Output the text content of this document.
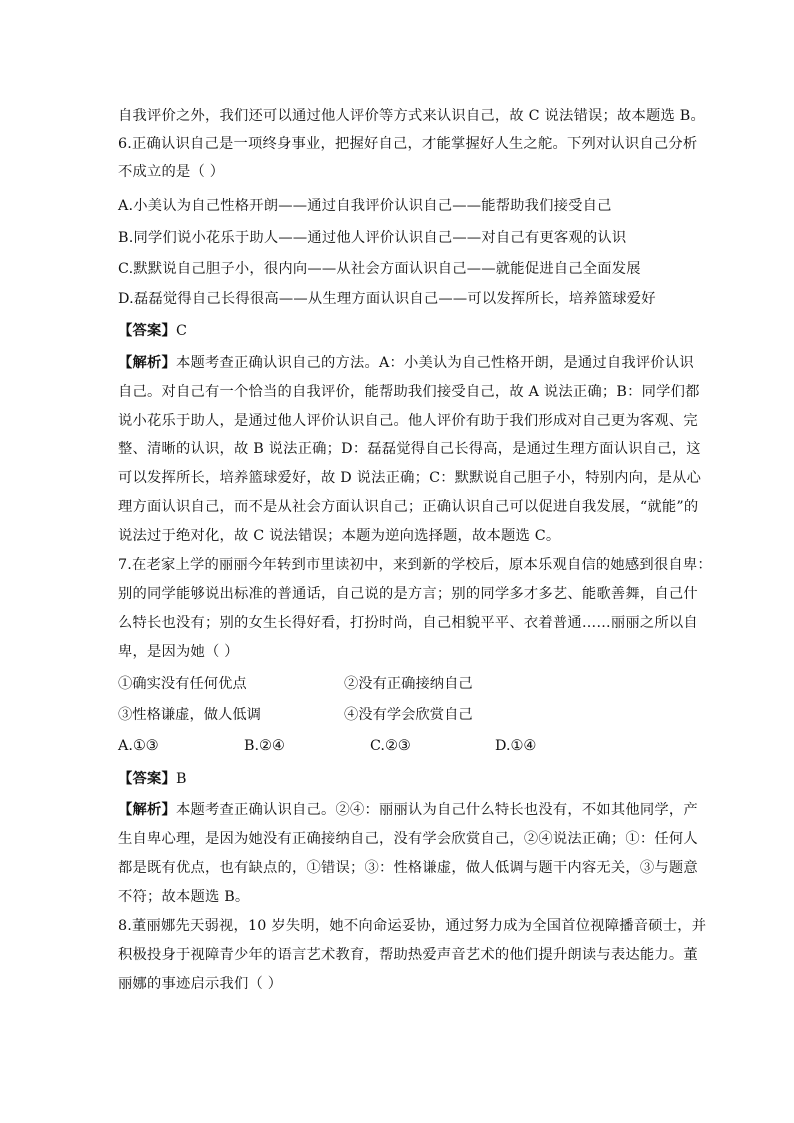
自我评价之外，我们还可以通过他人评价等方式来认识自己，故 C 说法错误；故本题选 B。
6.正确认识自己是一项终身事业，把握好自己，才能掌握好人生之舵。下列对认识自己分析
不成立的是（ ）
A.小美认为自己性格开朗——通过自我评价认识自己——能帮助我们接受自己
B.同学们说小花乐于助人——通过他人评价认识自己——对自己有更客观的认识
C.默默说自己胆子小，很内向——从社会方面认识自己——就能促进自己全面发展
D.磊磊觉得自己长得很高——从生理方面认识自己——可以发挥所长，培养篮球爱好
【答案】C
【解析】本题考查正确认识自己的方法。A：小美认为自己性格开朗，是通过自我评价认识
自己。对自己有一个恰当的自我评价，能帮助我们接受自己，故 A 说法正确；B：同学们都
说小花乐于助人，是通过他人评价认识自己。他人评价有助于我们形成对自己更为客观、完
整、清晰的认识，故 B 说法正确；D：磊磊觉得自己长得高，是通过生理方面认识自己，这
可以发挥所长，培养篮球爱好，故 D 说法正确；C：默默说自己胆子小，特别内向，是从心
理方面认识自己，而不是从社会方面认识自己；正确认识自己可以促进自我发展，“就能”的
说法过于绝对化，故 C 说法错误；本题为逆向选择题，故本题选 C。
7.在老家上学的丽丽今年转到市里读初中，来到新的学校后，原本乐观自信的她感到很自卑：
别的同学能够说出标准的普通话，自己说的是方言；别的同学多才多艺、能歌善舞，自己什
么特长也没有；别的女生长得好看，打扮时尚，自己相貌平平、衣着普通……丽丽之所以自
卑，是因为她（ ）
①确实没有任何优点	②没有正确接纳自己
③性格谦虚，做人低调	④没有学会欣赏自己
A.①③	B.②④	C.②③	D.①④
【答案】B
【解析】本题考查正确认识自己。②④：丽丽认为自己什么特长也没有，不如其他同学，产
生自卑心理，是因为她没有正确接纳自己，没有学会欣赏自己，②④说法正确；①：任何人
都是既有优点，也有缺点的，①错误；③：性格谦虚，做人低调与题干内容无关，③与题意
不符；故本题选 B。
8.董丽娜先天弱视，10 岁失明，她不向命运妥协，通过努力成为全国首位视障播音硕士，并
积极投身于视障青少年的语言艺术教育，帮助热爱声音艺术的他们提升朗读与表达能力。董
丽娜的事迹启示我们（ ）
